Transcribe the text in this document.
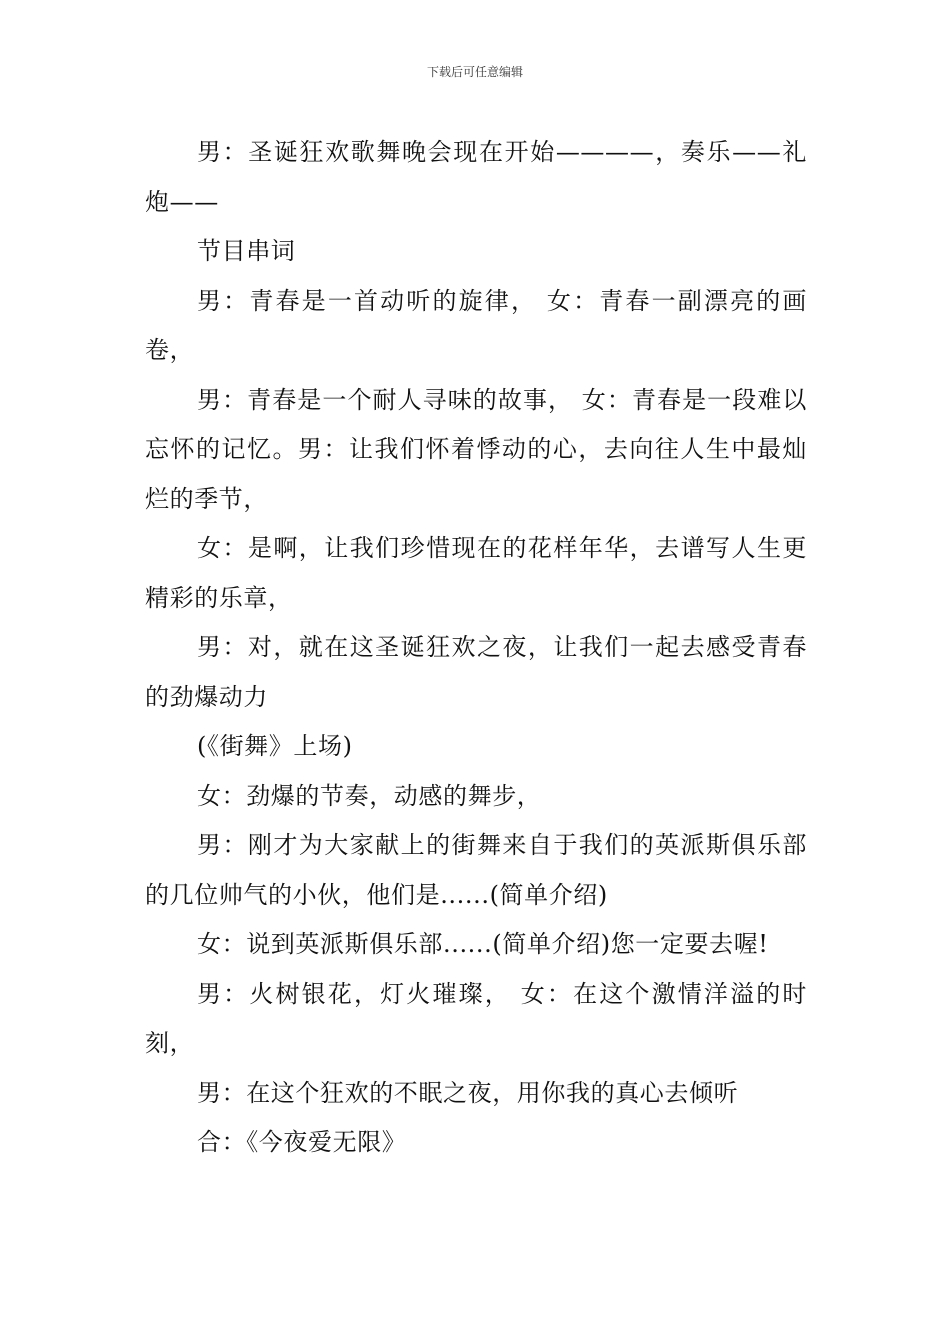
下载后可任意编辑

男：圣诞狂欢歌舞晚会现在开始————，奏乐——礼炮——

节目串词

男：青春是一首动听的旋律， 女：青春一副漂亮的画卷，

男：青春是一个耐人寻味的故事， 女：青春是一段难以忘怀的记忆。男：让我们怀着悸动的心，去向往人生中最灿烂的季节，

女：是啊，让我们珍惜现在的花样年华，去谱写人生更精彩的乐章，

男：对，就在这圣诞狂欢之夜，让我们一起去感受青春的劲爆动力

(《街舞》上场)

女：劲爆的节奏，动感的舞步，

男：刚才为大家献上的街舞来自于我们的英派斯俱乐部的几位帅气的小伙，他们是......(简单介绍)

女：说到英派斯俱乐部......(简单介绍)您一定要去喔!

男：火树银花，灯火璀璨， 女：在这个激情洋溢的时刻，

男：在这个狂欢的不眠之夜，用你我的真心去倾听

合：《今夜爱无限》
